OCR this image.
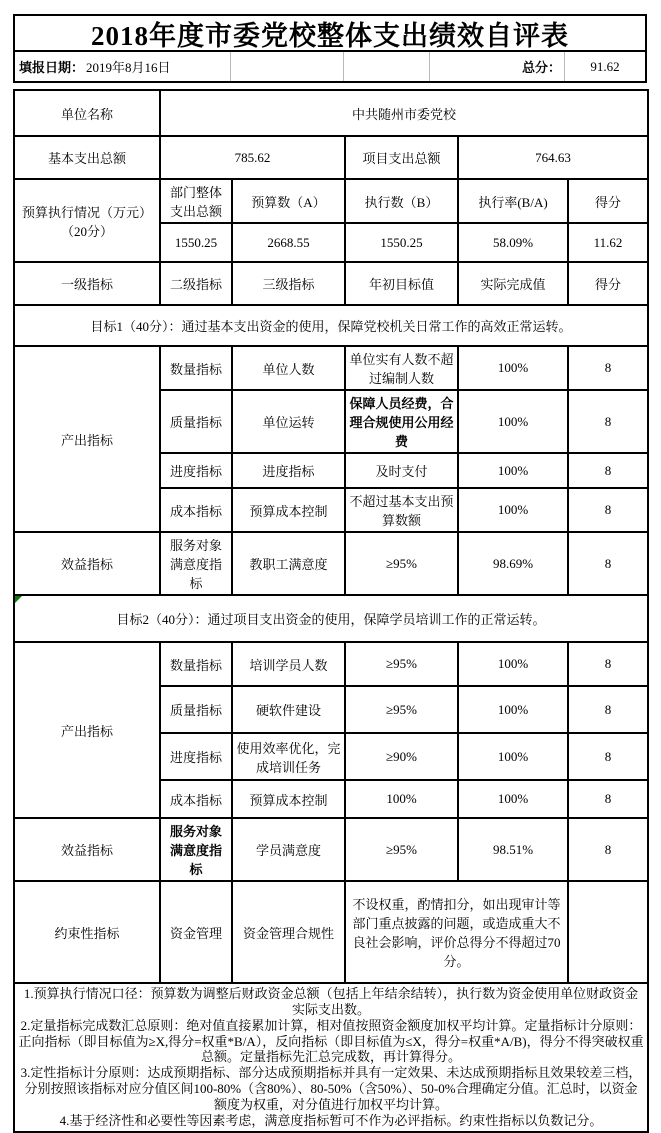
2018年度市委党校整体支出绩效自评表
填报日期： 2019年8月16日	总分：	91.62
单位名称	中共随州市委党校				
基本支出总额	785.62		项目支出总额	764.63	

预算执行情况（万元）
（20分）	部门整体支出总额	预算数（A）	执行数（B）	执行率(B/A)	得分
	1550.25	2668.55	1550.25	58.09%	11.62
一级指标	二级指标	三级指标	年初目标值	实际完成值	得分
目标1（40分）：通过基本支出资金的使用，保障党校机关日常工作的高效正常运转。					
产出指标	数量指标	单位人数	单位实有人数不超过编制人数	100%	8
	质量指标	单位运转	保障人员经费，合理合规使用公用经费	100%	8
	进度指标	进度指标	及时支付	100%	8
	成本指标	预算成本控制	不超过基本支出预算数额	100%	8
效益指标	服务对象满意度指标	教职工满意度	≥95%	98.69%	8

目标2（40分）：通过项目支出资金的使用，保障学员培训工作的正常运转。					
产出指标	数量指标	培训学员人数	≥95%	100%	8
	质量指标	硬软件建设	≥95%	100%	8
	进度指标	使用效率优化，完成培训任务	≥90%	100%	8
	成本指标	预算成本控制	100%	100%	8
效益指标	服务对象满意度指标	学员满意度	≥95%	98.51%	8
约束性指标	资金管理	资金管理合规性	不设权重，酌情扣分，如出现审计等部门重点披露的问题，或造成重大不良社会影响，评价总得分不得超过70分。		

1.预算执行情况口径：预算数为调整后财政资金总额（包括上年结余结转），执行数为资金使用单位财政资金实际支出数。

2.定量指标完成数汇总原则：绝对值直接累加计算，相对值按照资金额度加权平均计算。定量指标计分原则：正向指标（即目标值为≥X,得分=权重*B/A），反向指标（即目标值为≤X，得分=权重*A/B)，得分不得突破权重总额。定量指标先汇总完成数，再计算得分。

3.定性指标计分原则：达成预期指标、部分达成预期指标并具有一定效果、未达成预期指标且效果较差三档，分别按照该指标对应分值区间100-80%（含80%）、80-50%（含50%）、50-0%合理确定分值。汇总时，以资金额度为权重，对分值进行加权平均计算。

4.基于经济性和必要性等因素考虑，满意度指标暂可不作为必评指标。约束性指标以负数记分。					
